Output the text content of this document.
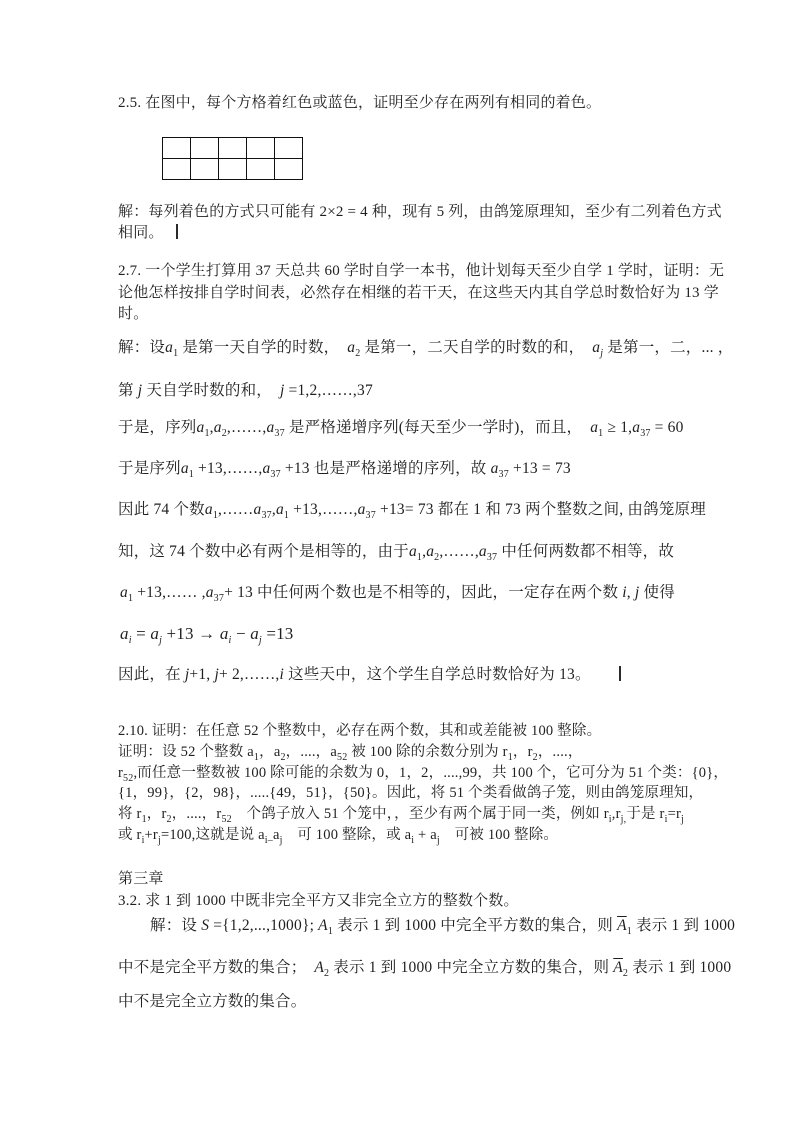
2.5. 在图中，每个方格着红色或蓝色，证明至少存在两列有相同的着色。

解：每列着色的方式只可能有 2×2 = 4 种，现有 5 列，由鸽笼原理知，至少有二列着色方式
相同。
2.7. 一个学生打算用 37 天总共 60 学时自学一本书，他计划每天至少自学 1 学时，证明：无
论他怎样按排自学时间表，必然存在相继的若干天，在这些天内其自学总时数恰好为 13 学
时。
解：设$a_1$ 是第一天自学的时数，　$a_2$ 是第一，二天自学的时数的和，　$a_j$ 是第一，二，... ，
第 j 天自学时数的和，　j =1,2,……,37
于是，序列$a_1,a_2,\dots\dots,a_{37}$ 是严格递增序列(每天至少一学时)，而且，　$a_1 \ge 1,a_{37} = 60$
于是序列$a_1$ $+13,\dots\dots,a_{37} +13$ 也是严格递增的序列，故 $a_{37} +13 = 73$
因此 74 个数$a_1,\dots\dots a_{37},a_1$ $+13,\dots\dots,a_{37} +13= 73$ 都在 1 和 73 两个整数之间, 由鸽笼原理
知，这 74 个数中必有两个是相等的，由于$a_1,a_2,\dots\dots,a_{37}$ 中任何两数都不相等，故
$a_1$ +13,…… $,a_{37}+ 13$ 中任何两个数也是不相等的，因此，一定存在两个数 i, j 使得
$a_i = a_j +13 \to a_i - a_j =13$
因此，在 j+1, j+ 2,……,i 这些天中，这个学生自学总时数恰好为 13。
2.10. 证明：在任意 52 个整数中，必存在两个数，其和或差能被 100 整除。
证明：设 52 个整数 $a_1$，$a_2$，....，$a_{52}$ 被 100 除的余数分别为 $r_1$，$r_2$，....，
$r_{52}$,而任意一整数被 100 除可能的余数为 0，1，2，....,99，共 100 个，它可分为 51 个类：{0}，
{1，99}，{2，98}，.....{49，51}，{50}。因此，将 51 个类看做鸽子笼，则由鸽笼原理知，
将 $r_1$，$r_2$，....，$r_{52}$　个鸽子放入 51 个笼中，，至少有两个属于同一类，例如 $r_i,r_{j,}$于是 $r_i=r_j$
或 $r_i+r_j=100$,这就是说 $a_{i-}a_j$　可 100 整除，或 $a_i + a_j$　可被 100 整除。
第三章
3.2. 求 1 到 1000 中既非完全平方又非完全立方的整数个数。
解：设 S ={1,2,...,1000}; $A_1$ 表示 1 到 1000 中完全平方数的集合，则 $\overline{A}_1$ 表示 1 到 1000
中不是完全平方数的集合；　$A_2$ 表示 1 到 1000 中完全立方数的集合，则 $\overline{A}_2$ 表示 1 到 1000
中不是完全立方数的集合。
